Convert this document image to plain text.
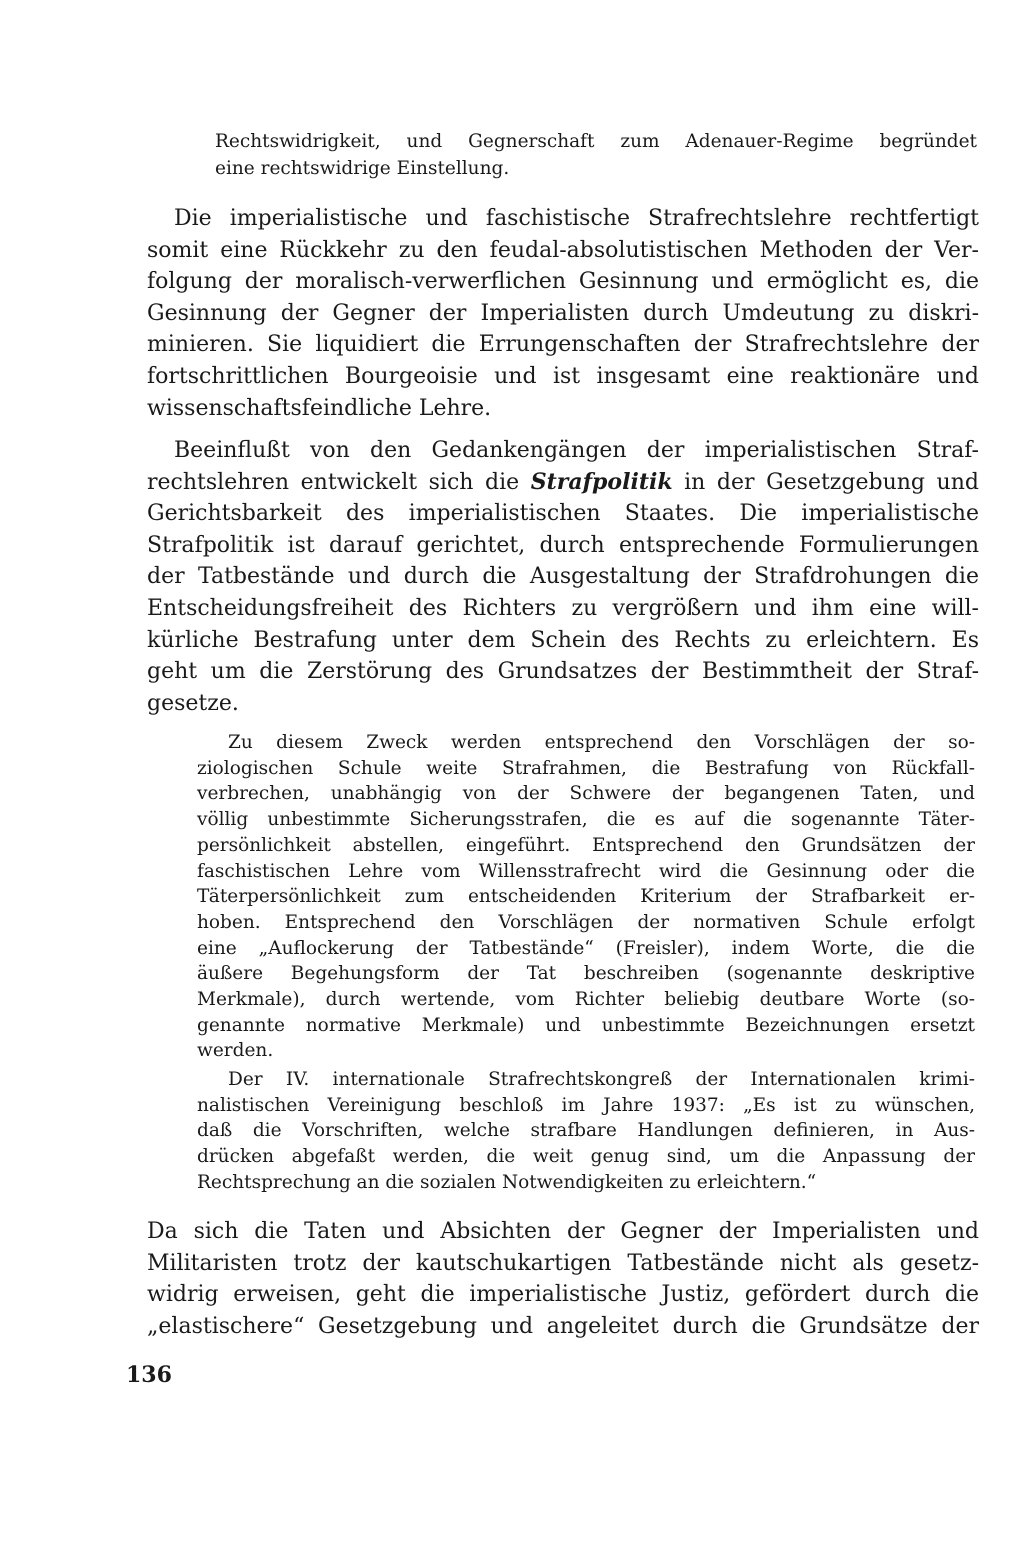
Rechtswidrigkeit, und Gegnerschaft zum Adenauer-Regime begründet
eine rechtswidrige Einstellung.
Die imperialistische und faschistische Strafrechtslehre rechtfertigt
somit eine Rückkehr zu den feudal-absolutistischen Methoden der Ver-
folgung der moralisch-verwerflichen Gesinnung und ermöglicht es, die
Gesinnung der Gegner der Imperialisten durch Umdeutung zu diskri-
minieren. Sie liquidiert die Errungenschaften der Strafrechtslehre der
fortschrittlichen Bourgeoisie und ist insgesamt eine reaktionäre und
wissenschaftsfeindliche Lehre.
Beeinflußt von den Gedankengängen der imperialistischen Straf-
rechtslehren entwickelt sich die Strafpolitik in der Gesetzgebung und
Gerichtsbarkeit des imperialistischen Staates. Die imperialistische
Strafpolitik ist darauf gerichtet, durch entsprechende Formulierungen
der Tatbestände und durch die Ausgestaltung der Strafdrohungen die
Entscheidungsfreiheit des Richters zu vergrößern und ihm eine will-
kürliche Bestrafung unter dem Schein des Rechts zu erleichtern. Es
geht um die Zerstörung des Grundsatzes der Bestimmtheit der Straf-
gesetze.
Zu diesem Zweck werden entsprechend den Vorschlägen der so-
ziologischen Schule weite Strafrahmen, die Bestrafung von Rückfall-
verbrechen, unabhängig von der Schwere der begangenen Taten, und
völlig unbestimmte Sicherungsstrafen, die es auf die sogenannte Täter-
persönlichkeit abstellen, eingeführt. Entsprechend den Grundsätzen der
faschistischen Lehre vom Willensstrafrecht wird die Gesinnung oder die
Täterpersönlichkeit zum entscheidenden Kriterium der Strafbarkeit er-
hoben. Entsprechend den Vorschlägen der normativen Schule erfolgt
eine „Auflockerung der Tatbestände“ (Freisler), indem Worte, die die
äußere Begehungsform der Tat beschreiben (sogenannte deskriptive
Merkmale), durch wertende, vom Richter beliebig deutbare Worte (so-
genannte normative Merkmale) und unbestimmte Bezeichnungen ersetzt
werden.
Der IV. internationale Strafrechtskongreß der Internationalen krimi-
nalistischen Vereinigung beschloß im Jahre 1937: „Es ist zu wünschen,
daß die Vorschriften, welche strafbare Handlungen definieren, in Aus-
drücken abgefaßt werden, die weit genug sind, um die Anpassung der
Rechtsprechung an die sozialen Notwendigkeiten zu erleichtern.“
Da sich die Taten und Absichten der Gegner der Imperialisten und
Militaristen trotz der kautschukartigen Tatbestände nicht als gesetz-
widrig erweisen, geht die imperialistische Justiz, gefördert durch die
„elastischere“ Gesetzgebung und angeleitet durch die Grundsätze der
136
